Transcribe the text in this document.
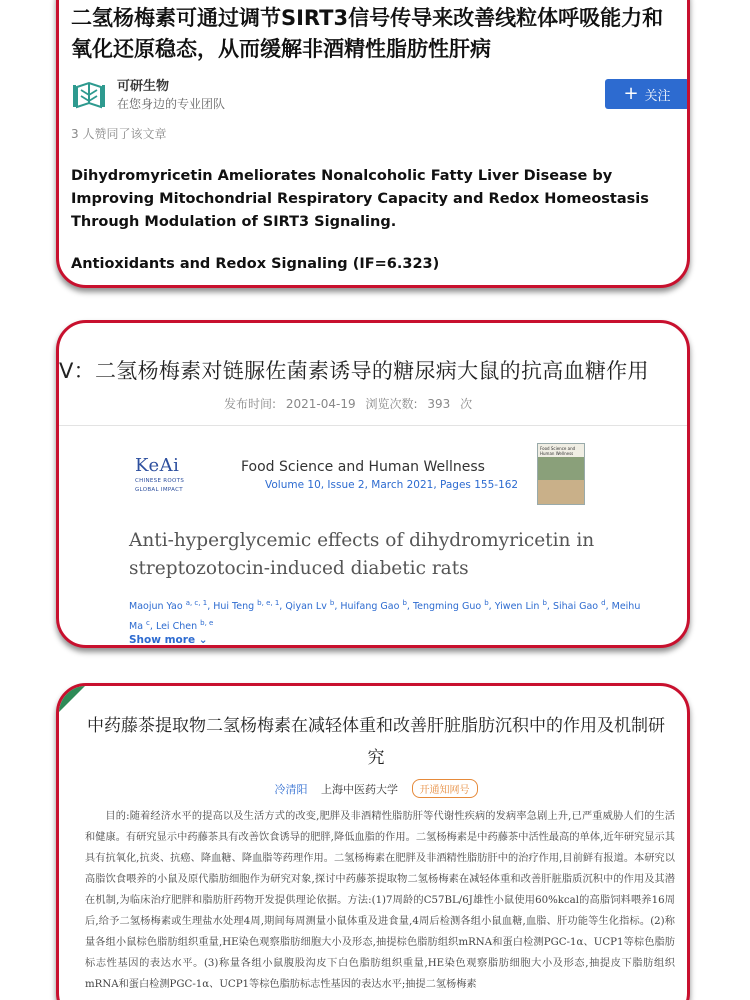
二氢杨梅素可通过调节SIRT3信号传导来改善线粒体呼吸能力和氧化还原稳态，从而缓解非酒精性脂肪性肝病
可研生物
在您身边的专业团队	+ 关注
3 人赞同了该文章
Dihydromyricetin Ameliorates Nonalcoholic Fatty Liver Disease by Improving Mitochondrial Respiratory Capacity and Redox Homeostasis Through Modulation of SIRT3 Signaling.
Antioxidants and Redox Signaling (IF=6.323)
V：二氢杨梅素对链脲佐菌素诱导的糖尿病大鼠的抗高血糖作用
发布时间: 2021-04-19 浏览次数: 393 次
KeAi
CHINESE ROOTS
GLOBAL IMPACT
Food Science and Human Wellness
Volume 10, Issue 2, March 2021, Pages 155-162
Food Science and Human Wellness
Anti-hyperglycemic effects of dihydromyricetin in streptozotocin-induced diabetic rats
Maojun Yao $^{a, c, 1}$, Hui Teng $^{b, e, 1}$, Qiyan Lv $^b$, Huifang Gao $^b$, Tengming Guo $^b$, Yiwen Lin $^b$, Sihai Gao $^d$, Meihu Ma $^c$, Lei Chen $^{b, e}$
Show more ⌄
中药藤茶提取物二氢杨梅素在减轻体重和改善肝脏脂肪沉积中的作用及机制研究
冷清阳 上海中医药大学 开通知网号
目的:随着经济水平的提高以及生活方式的改变,肥胖及非酒精性脂肪肝等代谢性疾病的发病率急剧上升,已严重威胁人们的生活和健康。有研究显示中药藤茶具有改善饮食诱导的肥胖,降低血脂的作用。二氢杨梅素是中药藤茶中活性最高的单体,近年研究显示其具有抗氧化,抗炎、抗癌、降血糖、降血脂等药理作用。二氢杨梅素在肥胖及非酒精性脂肪肝中的治疗作用,目前鲜有报道。本研究以高脂饮食喂养的小鼠及原代脂肪细胞作为研究对象,探讨中药藤茶提取物二氢杨梅素在减轻体重和改善肝脏脂质沉积中的作用及其潜在机制,为临床治疗肥胖和脂肪肝药物开发提供理论依据。方法:(1)7周龄的C57BL/6J雄性小鼠使用60%kcal的高脂饲料喂养16周后,给予二氢杨梅素或生理盐水处理4周,期间每周测量小鼠体重及进食量,4周后检测各组小鼠血糖,血脂、肝功能等生化指标。(2)称量各组小鼠棕色脂肪组织重量,HE染色观察脂肪细胞大小及形态,抽提棕色脂肪组织mRNA和蛋白检测PGC-1α、UCP1等棕色脂肪标志性基因的表达水平。(3)称量各组小鼠腹股沟皮下白色脂肪组织重量,HE染色观察脂肪细胞大小及形态,抽提皮下脂肪组织mRNA和蛋白检测PGC-1α、UCP1等棕色脂肪标志性基因的表达水平;抽提二氢杨梅素
